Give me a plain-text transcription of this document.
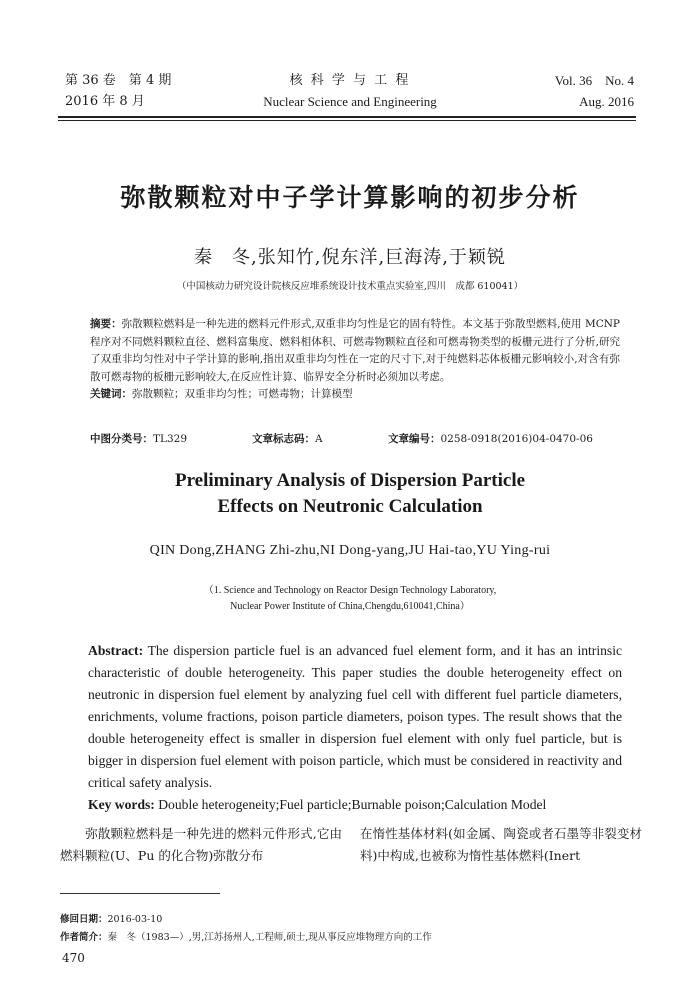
第 36 卷　第 4 期
2016 年 8 月
核 科 学 与 工 程
Nuclear Science and Engineering
Vol. 36　No. 4
Aug. 2016
弥散颗粒对中子学计算影响的初步分析
秦　冬,张知竹,倪东洋,巨海涛,于颖锐
（中国核动力研究设计院核反应堆系统设计技术重点实验室,四川　成都 610041）
摘要：弥散颗粒燃料是一种先进的燃料元件形式,双重非均匀性是它的固有特性。本文基于弥散型燃料,使用 MCNP 程序对不同燃料颗粒直径、燃料富集度、燃料相体积、可燃毒物颗粒直径和可燃毒物类型的板栅元进行了分析,研究了双重非均匀性对中子学计算的影响,指出双重非均匀性在一定的尺寸下,对于纯燃料芯体板栅元影响较小,对含有弥散可燃毒物的板栅元影响较大,在反应性计算、临界安全分析时必须加以考虑。
关键词：弥散颗粒；双重非均匀性；可燃毒物；计算模型
中图分类号：TL329	文章标志码：A	文章编号：0258-0918(2016)04-0470-06
Preliminary Analysis of Dispersion Particle
Effects on Neutronic Calculation
QIN Dong,ZHANG Zhi-zhu,NI Dong-yang,JU Hai-tao,YU Ying-rui
（1. Science and Technology on Reactor Design Technology Laboratory,
Nuclear Power Institute of China,Chengdu,610041,China）
Abstract: The dispersion particle fuel is an advanced fuel element form, and it has an intrinsic characteristic of double heterogeneity. This paper studies the double heterogeneity effect on neutronic in dispersion fuel element by analyzing fuel cell with different fuel particle diameters, enrichments, volume fractions, poison particle diameters, poison types. The result shows that the double heterogeneity effect is smaller in dispersion fuel element with only fuel particle, but is bigger in dispersion fuel element with poison particle, which must be considered in reactivity and critical safety analysis.
Key words: Double heterogeneity;Fuel particle;Burnable poison;Calculation Model
　　弥散颗粒燃料是一种先进的燃料元件形式,它由燃料颗粒(U、Pu 的化合物)弥散分布
在惰性基体材料(如金属、陶瓷或者石墨等非裂变材料)中构成,也被称为惰性基体燃料(Inert
修回日期：2016-03-10
作者简介：秦　冬（1983—）,男,江苏扬州人,工程师,硕士,现从事反应堆物理方向的工作
470
